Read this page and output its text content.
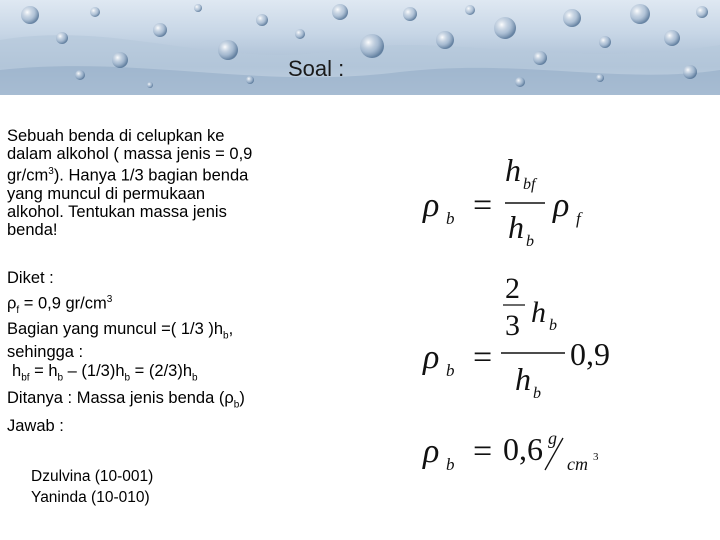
Soal :
Sebuah benda di celupkan ke
dalam alkohol ( massa jenis = 0,9
$gr/cm^3$). Hanya 1/3 bagian benda
yang muncul di permukaan
alkohol. Tentukan massa jenis
benda!
Diket :
$\rho_f = 0,9$ $gr/cm^3$
Bagian yang muncul =( 1/3 )$h_b$,
sehingga :
$h_{bf} = h_b - (1/3)h_b = (2/3)h_b$
Ditanya : Massa jenis benda $(\rho_b)$
Jawab :
Dzulvina (10-001)
Yaninda (10-010)
ρ b =
h bf
h b
ρ f
ρ b =
2
3 h b
h b
0,9
ρ b = 0,6 g
cm 3
